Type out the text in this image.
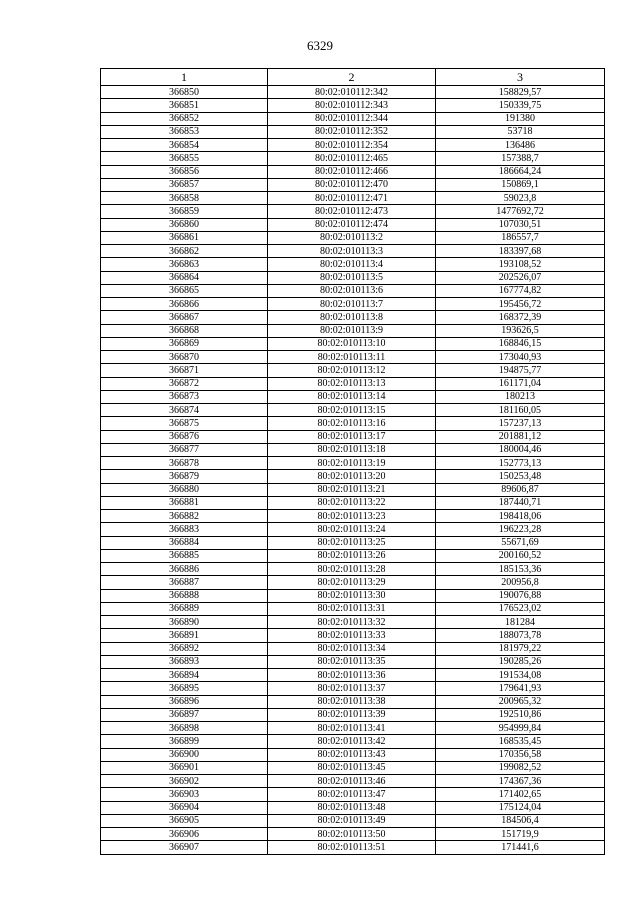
6329
1	2	3
366850	80:02:010112:342	158829,57
366851	80:02:010112:343	150339,75
366852	80:02:010112:344	191380
366853	80:02:010112:352	53718
366854	80:02:010112:354	136486
366855	80:02:010112:465	157388,7
366856	80:02:010112:466	186664,24
366857	80:02:010112:470	150869,1
366858	80:02:010112:471	59023,8
366859	80:02:010112:473	1477692,72
366860	80:02:010112:474	107030,51
366861	80:02:010113:2	186557,7
366862	80:02:010113:3	183397,68
366863	80:02:010113:4	193108,52
366864	80:02:010113:5	202526,07
366865	80:02:010113:6	167774,82
366866	80:02:010113:7	195456,72
366867	80:02:010113:8	168372,39
366868	80:02:010113:9	193626,5
366869	80:02:010113:10	168846,15
366870	80:02:010113:11	173040,93
366871	80:02:010113:12	194875,77
366872	80:02:010113:13	161171,04
366873	80:02:010113:14	180213
366874	80:02:010113:15	181160,05
366875	80:02:010113:16	157237,13
366876	80:02:010113:17	201881,12
366877	80:02:010113:18	180004,46
366878	80:02:010113:19	152773,13
366879	80:02:010113:20	150253,48
366880	80:02:010113:21	89606,87
366881	80:02:010113:22	187440,71
366882	80:02:010113:23	198418,06
366883	80:02:010113:24	196223,28
366884	80:02:010113:25	55671,69
366885	80:02:010113:26	200160,52
366886	80:02:010113:28	185153,36
366887	80:02:010113:29	200956,8
366888	80:02:010113:30	190076,88
366889	80:02:010113:31	176523,02
366890	80:02:010113:32	181284
366891	80:02:010113:33	188073,78
366892	80:02:010113:34	181979,22
366893	80:02:010113:35	190285,26
366894	80:02:010113:36	191534,08
366895	80:02:010113:37	179641,93
366896	80:02:010113:38	200965,32
366897	80:02:010113:39	192510,86
366898	80:02:010113:41	954999,84
366899	80:02:010113:42	168535,45
366900	80:02:010113:43	170356,58
366901	80:02:010113:45	199082,52
366902	80:02:010113:46	174367,36
366903	80:02:010113:47	171402,65
366904	80:02:010113:48	175124,04
366905	80:02:010113:49	184506,4
366906	80:02:010113:50	151719,9
366907	80:02:010113:51	171441,6
